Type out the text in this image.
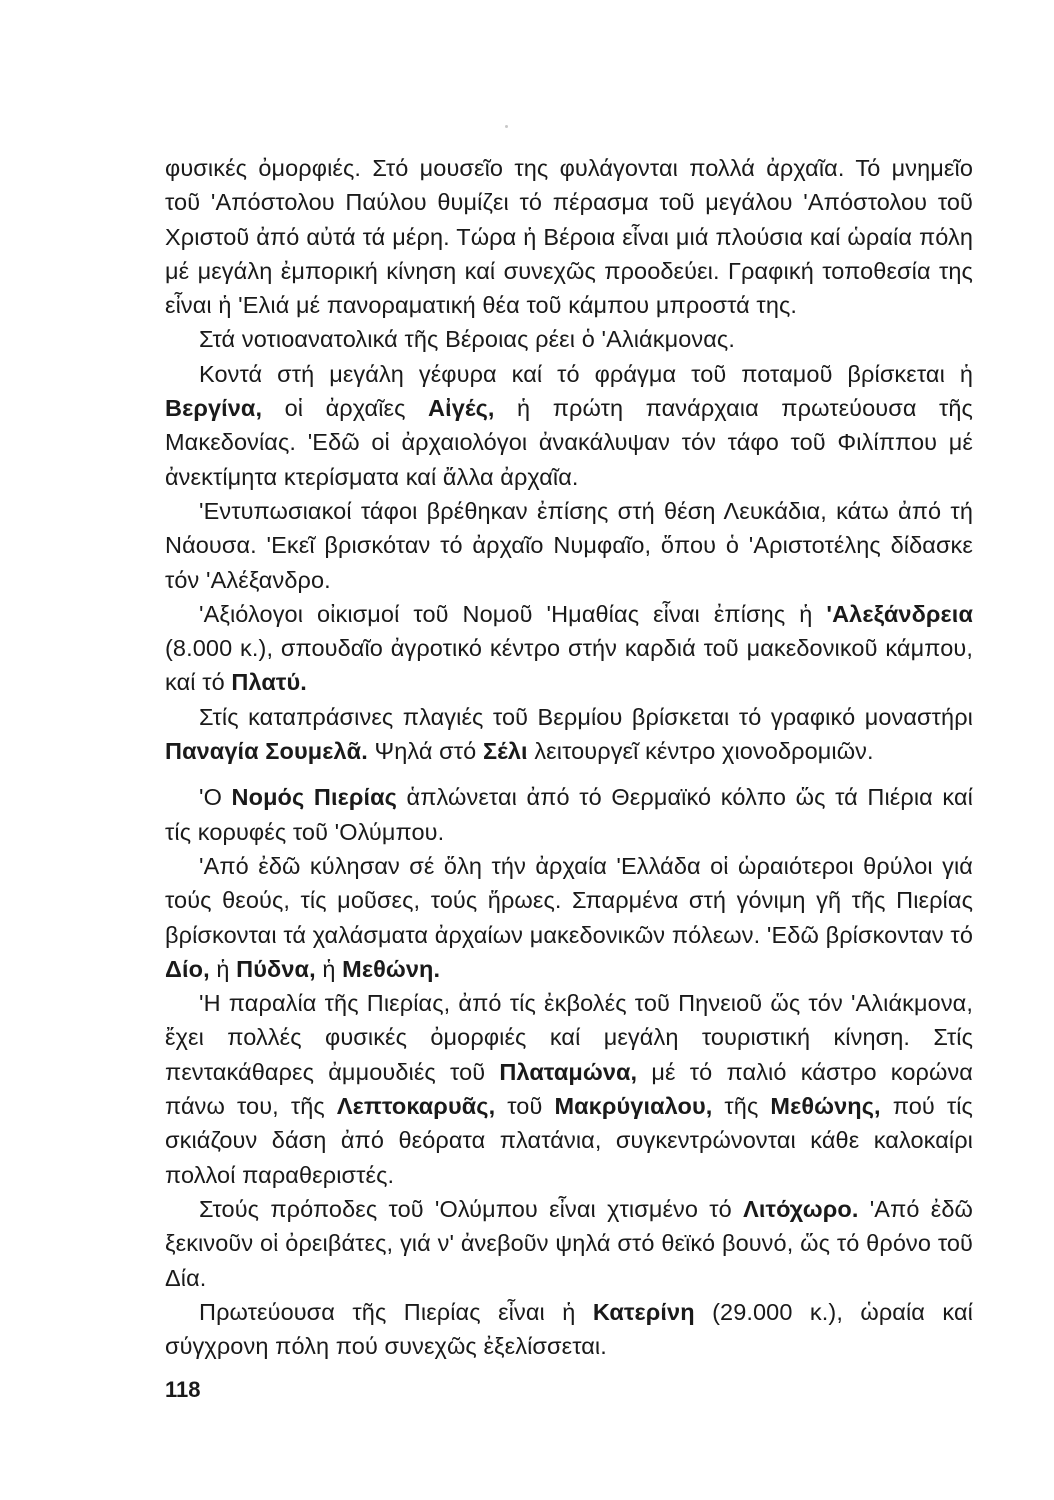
φυσικές ὀμορφιές. Στό μουσεῖο της φυλάγονται πολλά ἀρχαῖα. Τό μνημεῖο τοῦ 'Απόστολου Παύλου θυμίζει τό πέρασμα τοῦ μεγάλου 'Απόστολου τοῦ Χριστοῦ ἀπό αὐτά τά μέρη. Τώρα ἡ Βέροια εἶναι μιά πλούσια καί ὡραία πόλη μέ μεγάλη ἐμπορική κίνηση καί συνεχῶς προοδεύει. Γραφική τοποθεσία της εἶναι ἡ 'Ελιά μέ πανοραματική θέα τοῦ κάμπου μπροστά της.

Στά νοτιοανατολικά τῆς Βέροιας ρέει ὁ 'Αλιάκμονας.

Κοντά στή μεγάλη γέφυρα καί τό φράγμα τοῦ ποταμοῦ βρίσκεται ἡ Βεργίνα, οἱ ἀρχαῖες Αἰγές, ἡ πρώτη πανάρχαια πρωτεύουσα τῆς Μακεδονίας. 'Εδῶ οἱ ἀρχαιολόγοι ἀνακάλυψαν τόν τάφο τοῦ Φιλίππου μέ ἀνεκτίμητα κτερίσματα καί ἄλλα ἀρχαῖα.

'Εντυπωσιακοί τάφοι βρέθηκαν ἐπίσης στή θέση Λευκάδια, κάτω ἀπό τή Νάουσα. 'Εκεῖ βρισκόταν τό ἀρχαῖο Νυμφαῖο, ὅπου ὁ 'Αριστοτέλης δίδασκε τόν 'Αλέξανδρο.

'Αξιόλογοι οἰκισμοί τοῦ Νομοῦ 'Ημαθίας εἶναι ἐπίσης ἡ 'Αλεξάνδρεια (8.000 κ.), σπουδαῖο ἀγροτικό κέντρο στήν καρδιά τοῦ μακεδονικοῦ κάμπου, καί τό Πλατύ.

Στίς καταπράσινες πλαγιές τοῦ Βερμίου βρίσκεται τό γραφικό μοναστήρι Παναγία Σουμελᾶ. Ψηλά στό Σέλι λειτουργεῖ κέντρο χιονοδρομιῶν.

'Ο Νομός Πιερίας ἁπλώνεται ἀπό τό Θερμαϊκό κόλπο ὥς τά Πιέρια καί τίς κορυφές τοῦ 'Ολύμπου.

'Από ἐδῶ κύλησαν σέ ὅλη τήν ἀρχαία 'Ελλάδα οἱ ὡραιότεροι θρύλοι γιά τούς θεούς, τίς μοῦσες, τούς ἥρωες. Σπαρμένα στή γόνιμη γῆ τῆς Πιερίας βρίσκονται τά χαλάσματα ἀρχαίων μακεδονικῶν πόλεων. 'Εδῶ βρίσκονταν τό Δίο, ἡ Πύδνα, ἡ Μεθώνη.

'Η παραλία τῆς Πιερίας, ἀπό τίς ἐκβολές τοῦ Πηνειοῦ ὥς τόν 'Αλιάκμονα, ἔχει πολλές φυσικές ὀμορφιές καί μεγάλη τουριστική κίνηση. Στίς πεντακάθαρες ἀμμουδιές τοῦ Πλαταμώνα, μέ τό παλιό κάστρο κορώνα πάνω του, τῆς Λεπτοκαρυᾶς, τοῦ Μακρύγιαλου, τῆς Μεθώνης, πού τίς σκιάζουν δάση ἀπό θεόρατα πλατάνια, συγκεντρώνονται κάθε καλοκαίρι πολλοί παραθεριστές.

Στούς πρόποδες τοῦ 'Ολύμπου εἶναι χτισμένο τό Λιτόχωρο. 'Από ἐδῶ ξεκινοῦν οἱ ὀρειβάτες, γιά ν' ἀνεβοῦν ψηλά στό θεϊκό βουνό, ὥς τό θρόνο τοῦ Δία.

Πρωτεύουσα τῆς Πιερίας εἶναι ἡ Κατερίνη (29.000 κ.), ὡραία καί σύγχρονη πόλη πού συνεχῶς ἐξελίσσεται.

118
